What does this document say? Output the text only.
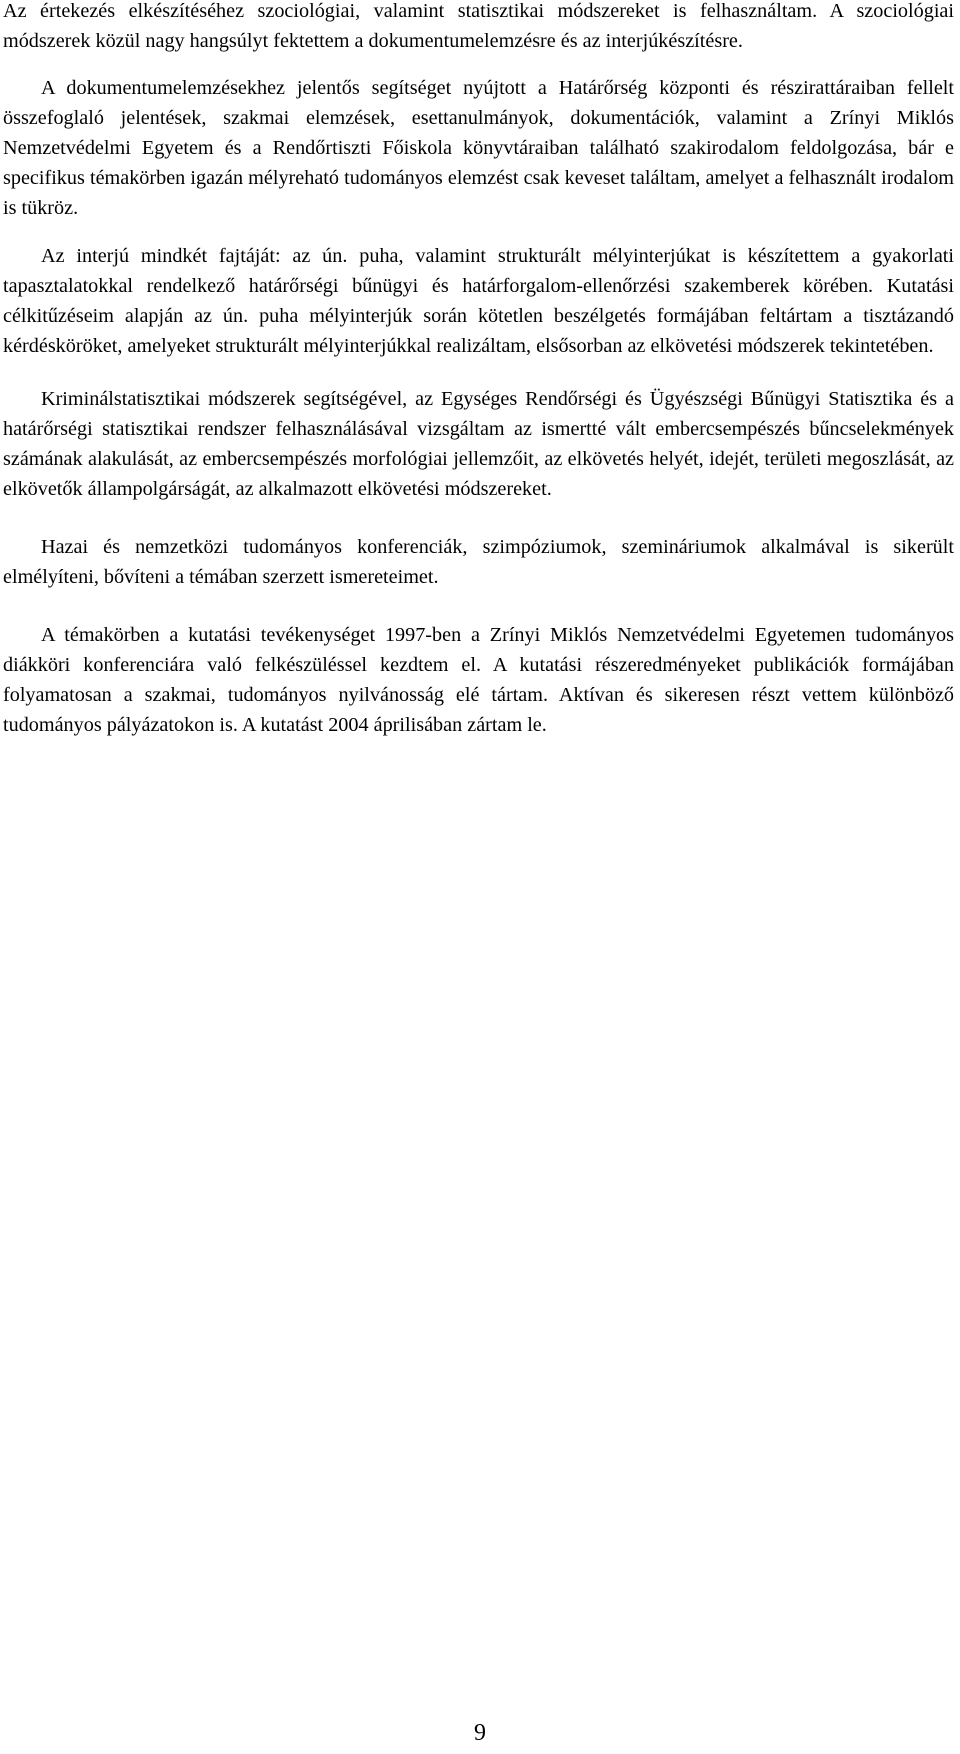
Az értekezés elkészítéséhez szociológiai, valamint statisztikai módszereket is felhasználtam. A szociológiai módszerek közül nagy hangsúlyt fektettem a dokumentumelemzésre és az interjúkészítésre.

A dokumentumelemzésekhez jelentős segítséget nyújtott a Határőrség központi és részirattáraiban fellelt összefoglaló jelentések, szakmai elemzések, esettanulmányok, dokumentációk, valamint a Zrínyi Miklós Nemzetvédelmi Egyetem és a Rendőrtiszti Főiskola könyvtáraiban található szakirodalom feldolgozása, bár e specifikus témakörben igazán mélyreható tudományos elemzést csak keveset találtam, amelyet a felhasznált irodalom is tükröz.

Az interjú mindkét fajtáját: az ún. puha, valamint strukturált mélyinterjúkat is készítettem a gyakorlati tapasztalatokkal rendelkező határőrségi bűnügyi és határforgalom-ellenőrzési szakemberek körében. Kutatási célkitűzéseim alapján az ún. puha mélyinterjúk során kötetlen beszélgetés formájában feltártam a tisztázandó kérdésköröket, amelyeket strukturált mélyinterjúkkal realizáltam, elsősorban az elkövetési módszerek tekintetében.

Kriminálstatisztikai módszerek segítségével, az Egységes Rendőrségi és Ügyészségi Bűnügyi Statisztika és a határőrségi statisztikai rendszer felhasználásával vizsgáltam az ismertté vált embercsempészés bűncselekmények számának alakulását, az embercsempészés morfológiai jellemzőit, az elkövetés helyét, idejét, területi megoszlását, az elkövetők állampolgárságát, az alkalmazott elkövetési módszereket.

Hazai és nemzetközi tudományos konferenciák, szimpóziumok, szemináriumok alkalmával is sikerült elmélyíteni, bővíteni a témában szerzett ismereteimet.

A témakörben a kutatási tevékenységet 1997-ben a Zrínyi Miklós Nemzetvédelmi Egyetemen tudományos diákköri konferenciára való felkészüléssel kezdtem el. A kutatási részeredményeket publikációk formájában folyamatosan a szakmai, tudományos nyilvánosság elé tártam. Aktívan és sikeresen részt vettem különböző tudományos pályázatokon is. A kutatást 2004 áprilisában zártam le.

9
